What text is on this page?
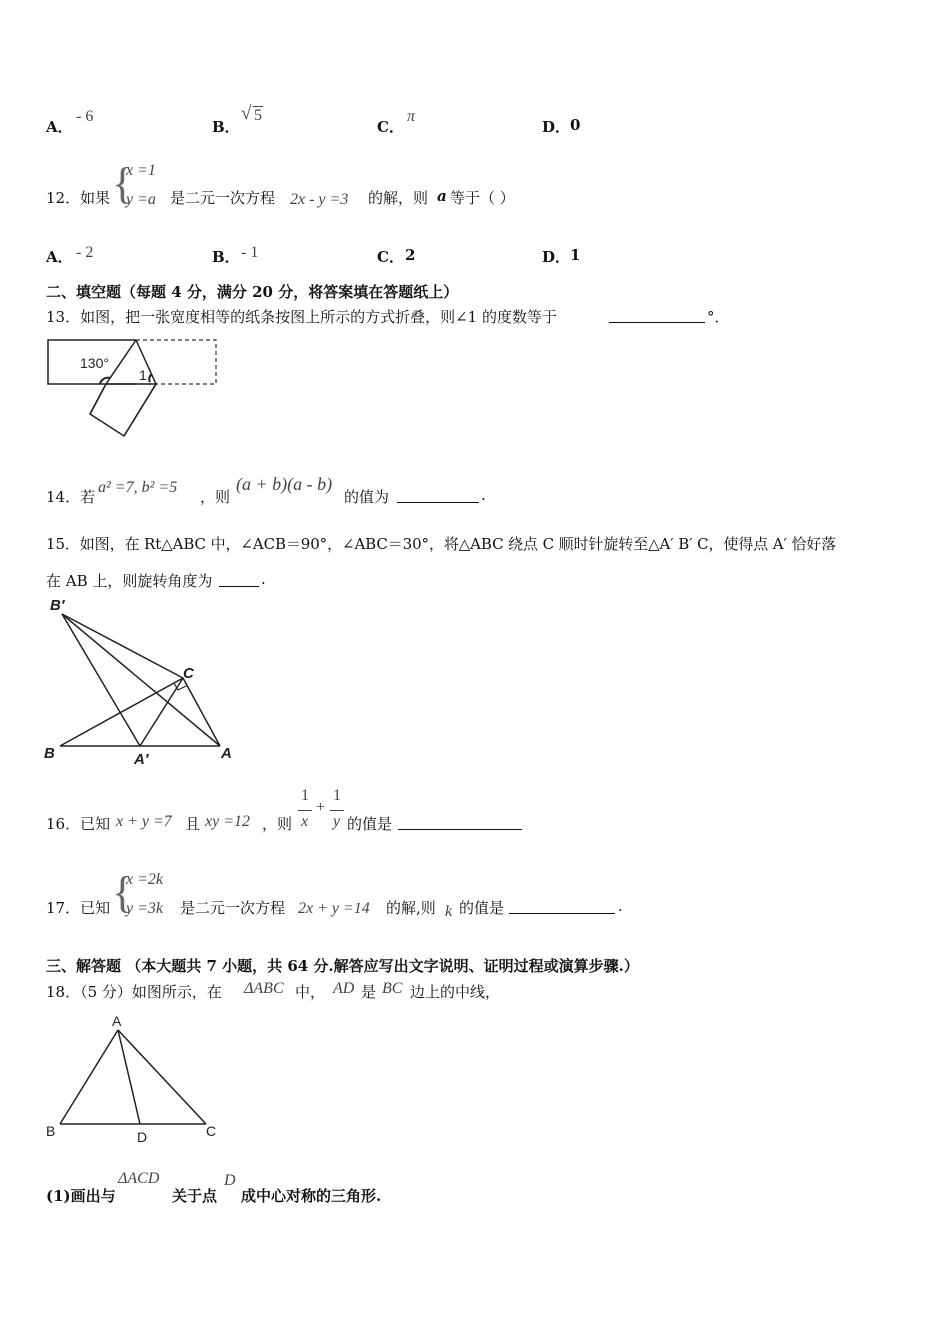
A．
- 6
B．
√ 5
C．
π
D． 0
12．如果 {
x =1
y =a 是二元一次方程 2x - y =3 的解，则 a 等于（ ）
A． - 2	B． - 1	C． 2	D． 1
二、填空题（每题 4 分，满分 20 分，将答案填在答题纸上）
13．如图，把一张宽度相等的纸条按图上所示的方式折叠，则∠1 的度数等于	°．
130°
1
14．若
a² =7, b² =5
，则
(a + b)(a - b)
的值为	.
15．如图，在 Rt△ABC 中，∠ACB＝90°，∠ABC＝30°，将△ABC 绕点 C 顺时针旋转至△A′ B′ C，使得点 A′ 恰好落
在 AB 上，则旋转角度为	.
B′
C
B	A′	A
16．已知 x + y =7 且 xy =12 ，则
1
x
+
1
y 的值是
17．已知 {
x =2k
y =3k 是二元一次方程 2x + y =14 的解,则 k 的值是	.
三、解答题 （本大题共 7 小题，共 64 分.解答应写出文字说明、证明过程或演算步骤.）
18．（5 分）如图所示，在 ΔABC 中， AD 是 BC 边上的中线，
A
B	D	C
(1)画出与
ΔACD
关于点
D
成中心对称的三角形.
